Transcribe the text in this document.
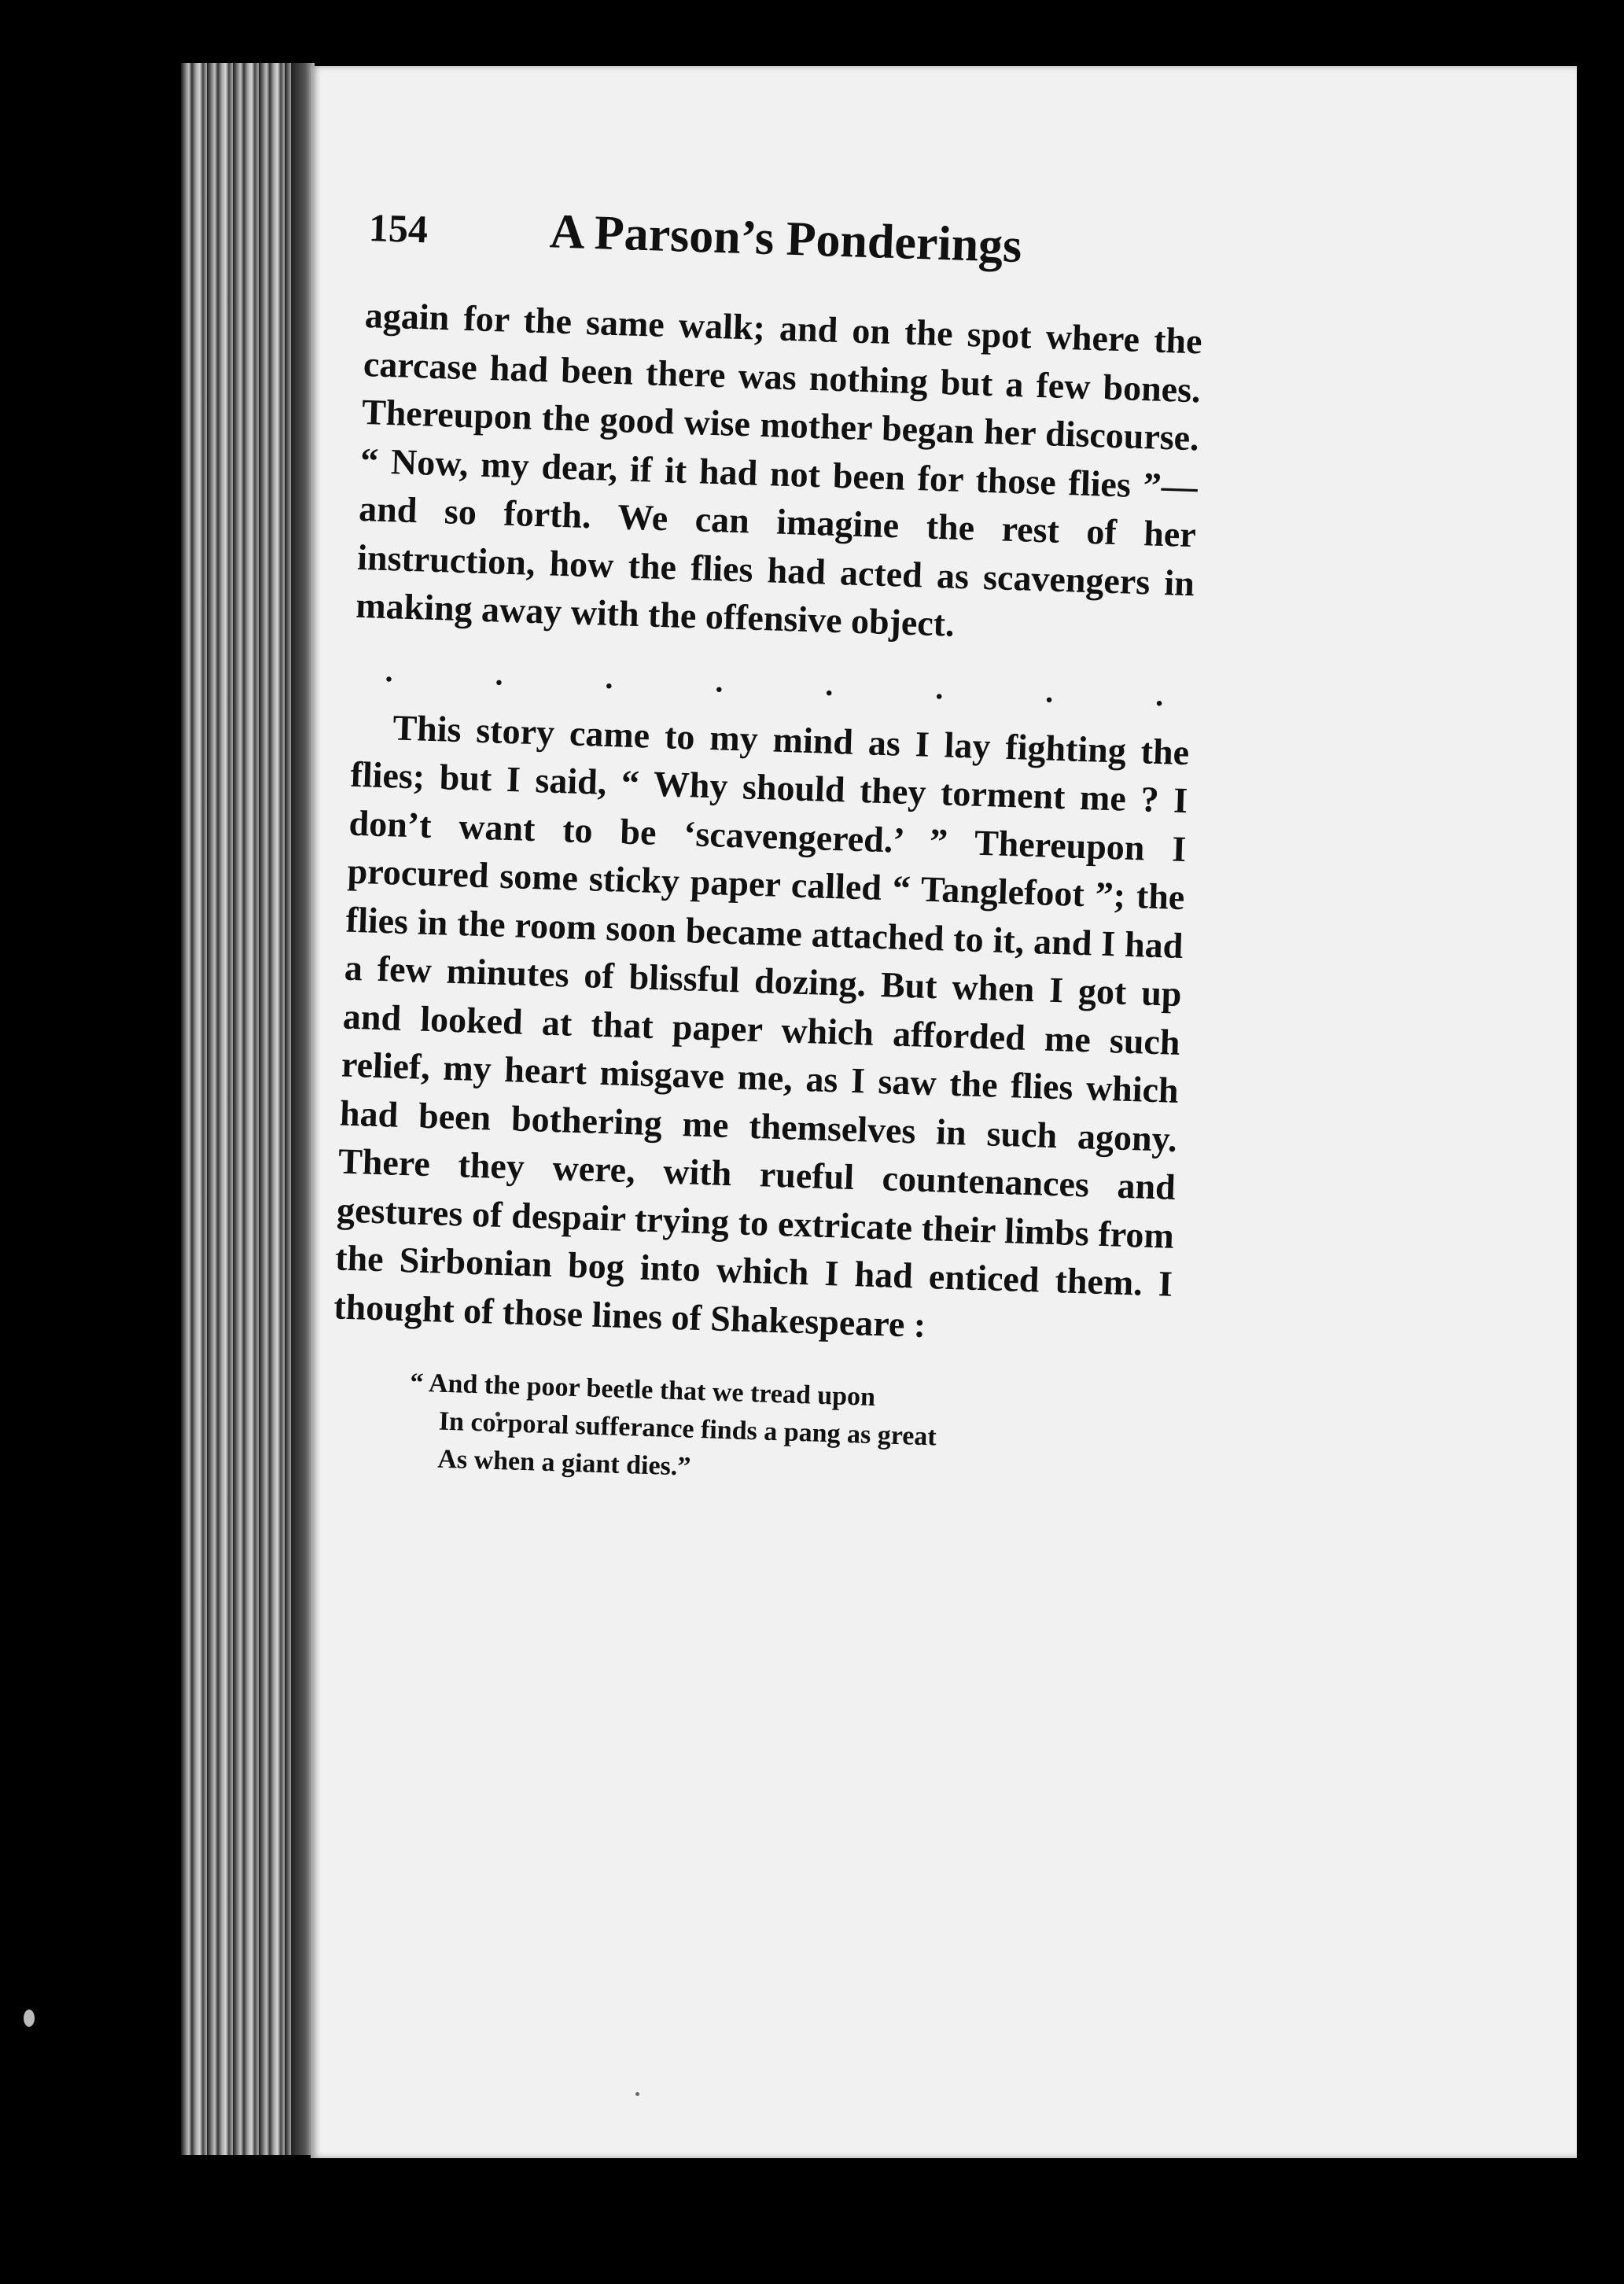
154 A Parson’s Ponderings

again for the same walk; and on the spot where the carcase had been there was nothing but a few bones. Thereupon the good wise mother began her discourse. “ Now, my dear, if it had not been for those flies ”—and so forth. We can imagine the rest of her instruction, how the flies had acted as scavengers in making away with the offensive object.

.	.	.	.	.	.	.	.

This story came to my mind as I lay fighting the flies; but I said, “ Why should they torment me ? I don’t want to be ‘scavengered.’ ” Thereupon I procured some sticky paper called “ Tanglefoot ”; the flies in the room soon became attached to it, and I had a few minutes of blissful dozing. But when I got up and looked at that paper which afforded me such relief, my heart misgave me, as I saw the flies which had been bothering me themselves in such agony. There they were, with rueful countenances and gestures of despair trying to extricate their limbs from the Sirbonian bog into which I had enticed them. I thought of those lines of Shakespeare :

“ And the poor beetle that we tread upon
In corporal sufferance finds a pang as great
As when a giant dies.”
